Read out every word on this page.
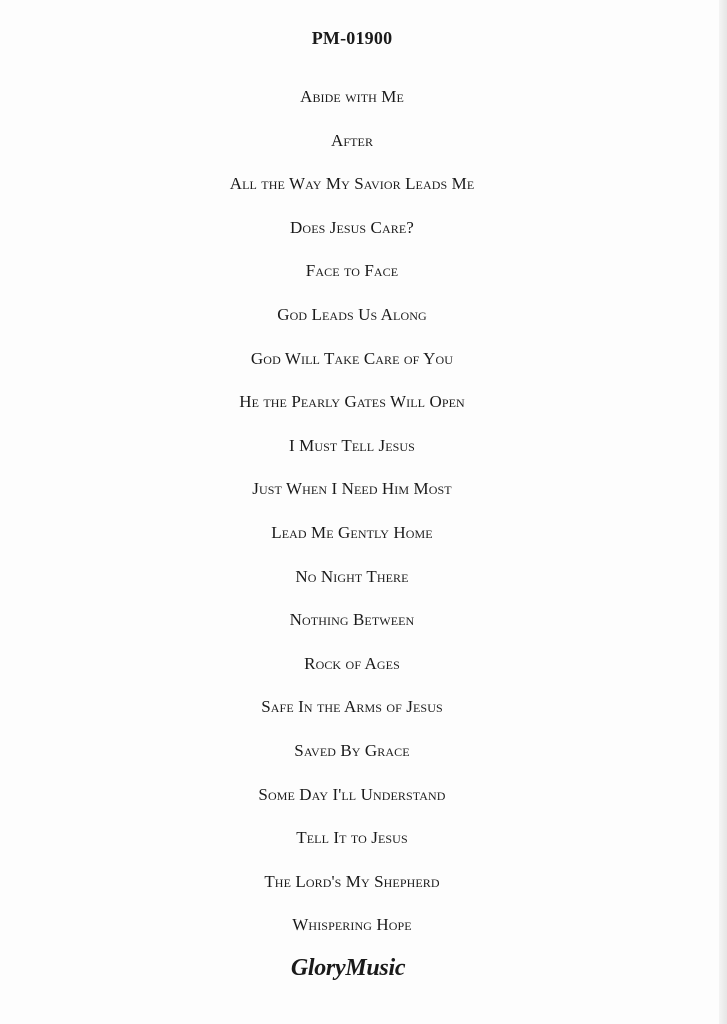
PM-01900
Abide with Me
After
All the Way My Savior Leads Me
Does Jesus Care?
Face to Face
God Leads Us Along
God Will Take Care of You
He the Pearly Gates Will Open
I Must Tell Jesus
Just When I Need Him Most
Lead Me Gently Home
No Night There
Nothing Between
Rock of Ages
Safe In the Arms of Jesus
Saved By Grace
Some Day I'll Understand
Tell It to Jesus
The Lord's My Shepherd
Whispering Hope
GloryMusic
